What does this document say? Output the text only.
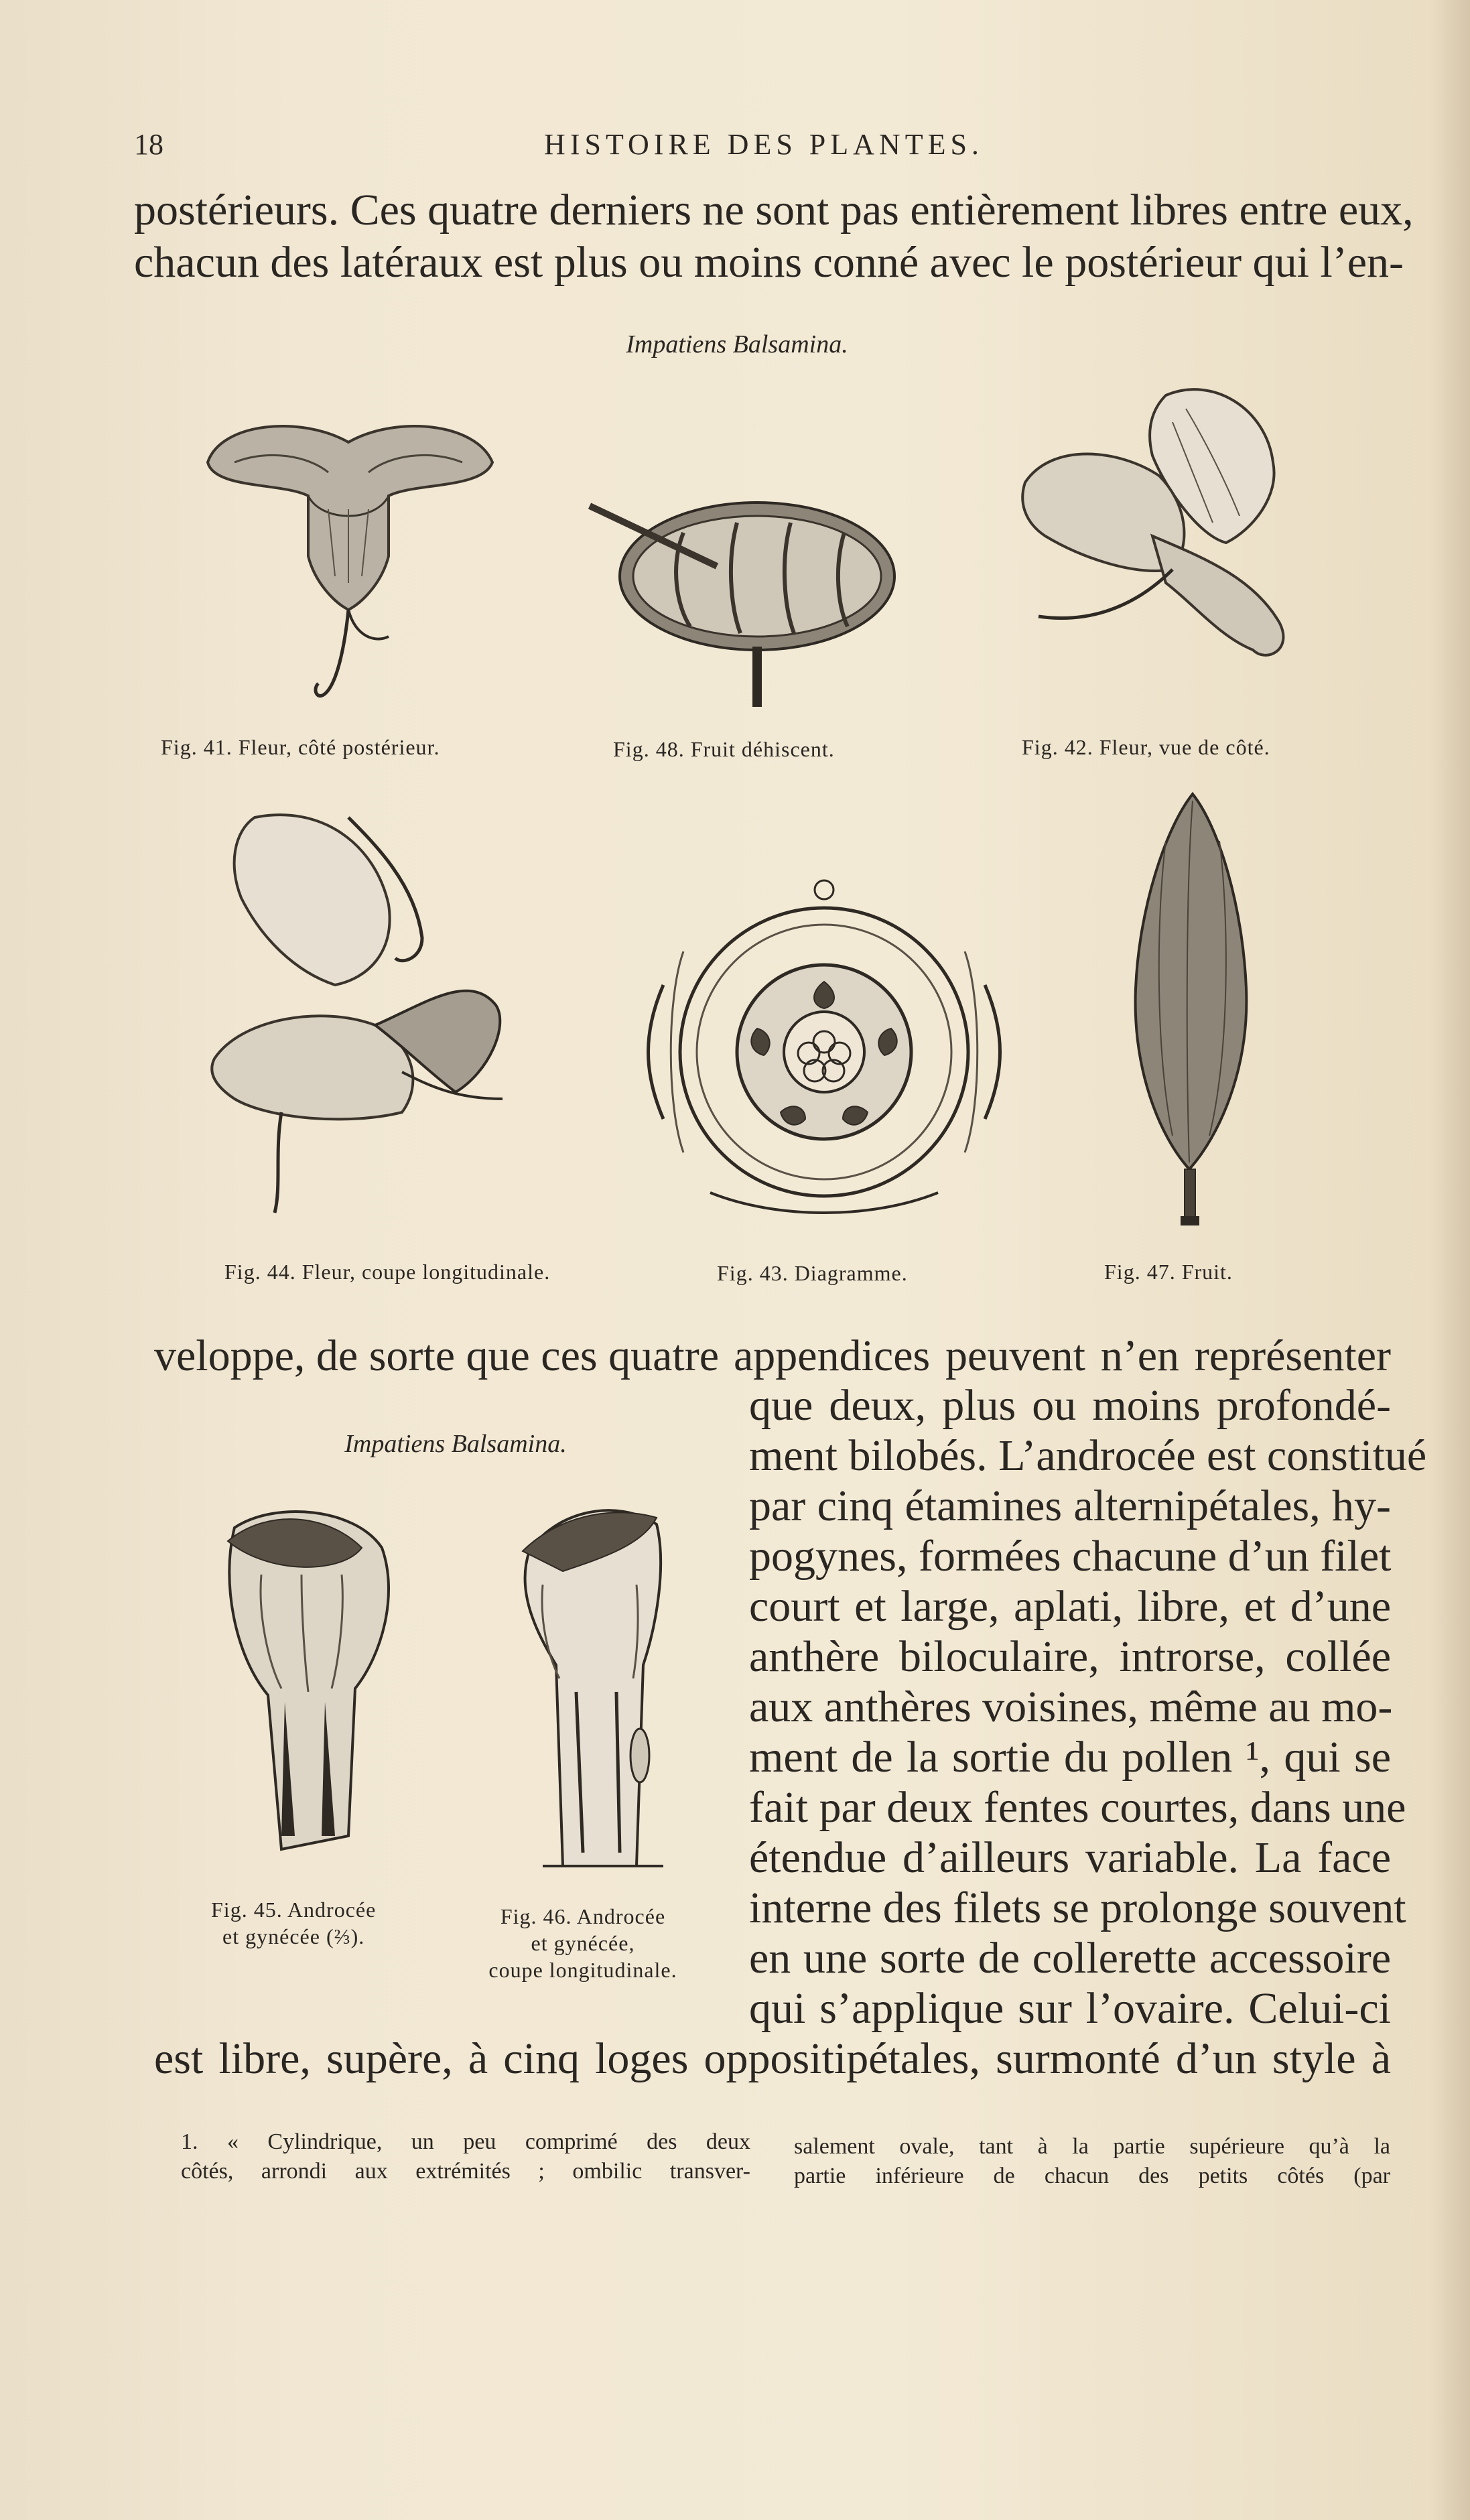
18	HISTOIRE DES PLANTES.
postérieurs. Ces quatre derniers ne sont pas entièrement libres entre eux,
chacun des latéraux est plus ou moins conné avec le postérieur qui l’en-
Impatiens Balsamina.
Fig. 41. Fleur, côté postérieur.	Fig. 48. Fruit déhiscent.	Fig. 42. Fleur, vue de côté.
Fig. 44. Fleur, coupe longitudinale.	Fig. 43. Diagramme.	Fig. 47. Fruit.
veloppe, de sorte que ces quatre appendices peuvent n’en représenter
Impatiens Balsamina.
Fig. 45. Androcée
et gynécée (⅔).
Fig. 46. Androcée
et gynécée,
coupe longitudinale.
que deux, plus ou moins profondé-
ment bilobés. L’androcée est constitué
par cinq étamines alternipétales, hy-
pogynes, formées chacune d’un filet
court et large, aplati, libre, et d’une
anthère biloculaire, introrse, collée
aux anthères voisines, même au mo-
ment de la sortie du pollen ¹, qui se
fait par deux fentes courtes, dans une
étendue d’ailleurs variable. La face
interne des filets se prolonge souvent
en une sorte de collerette accessoire
qui s’applique sur l’ovaire. Celui-ci
est libre, supère, à cinq loges oppositipétales, surmonté d’un style à
1. « Cylindrique, un peu comprimé des deux
côtés, arrondi aux extrémités ; ombilic transver-
salement ovale, tant à la partie supérieure qu’à la
partie inférieure de chacun des petits côtés (par
